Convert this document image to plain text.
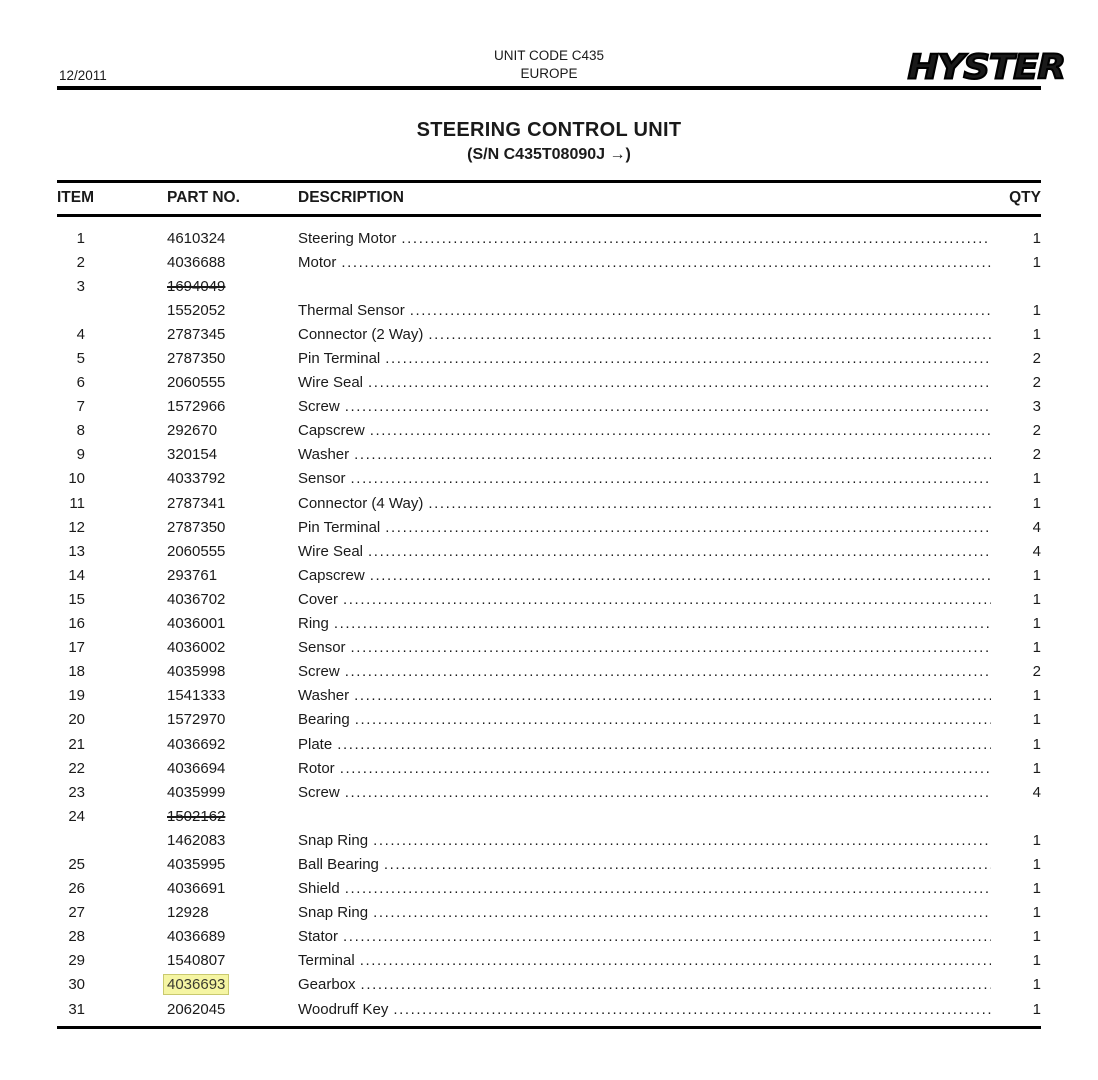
12/2011
UNIT CODE C435
EUROPE	HYSTER
STEERING CONTROL UNIT
(S/N C435T08090J →)
ITEM	PART NO.	DESCRIPTION	QTY
1	4610324	Steering Motor .....	1
2	4036688	Motor .....	1
3	1694049
1552052	Thermal Sensor .....	1
4	2787345	Connector (2 Way) .....	1
5	2787350	Pin Terminal .....	2
6	2060555	Wire Seal .....	2
7	1572966	Screw .....	3
8	292670	Capscrew .....	2
9	320154	Washer .....	2
10	4033792	Sensor .....	1
11	2787341	Connector (4 Way) .....	1
12	2787350	Pin Terminal .....	4
13	2060555	Wire Seal .....	4
14	293761	Capscrew .....	1
15	4036702	Cover .....	1
16	4036001	Ring .....	1
17	4036002	Sensor .....	1
18	4035998	Screw .....	2
19	1541333	Washer .....	1
20	1572970	Bearing .....	1
21	4036692	Plate .....	1
22	4036694	Rotor .....	1
23	4035999	Screw .....	4
24	1502162
1462083	Snap Ring .....	1
25	4035995	Ball Bearing .....	1
26	4036691	Shield .....	1
27	12928	Snap Ring .....	1
28	4036689	Stator .....	1
29	1540807	Terminal .....	1
30	4036693	Gearbox .....	1
31	2062045	Woodruff Key .....	1
